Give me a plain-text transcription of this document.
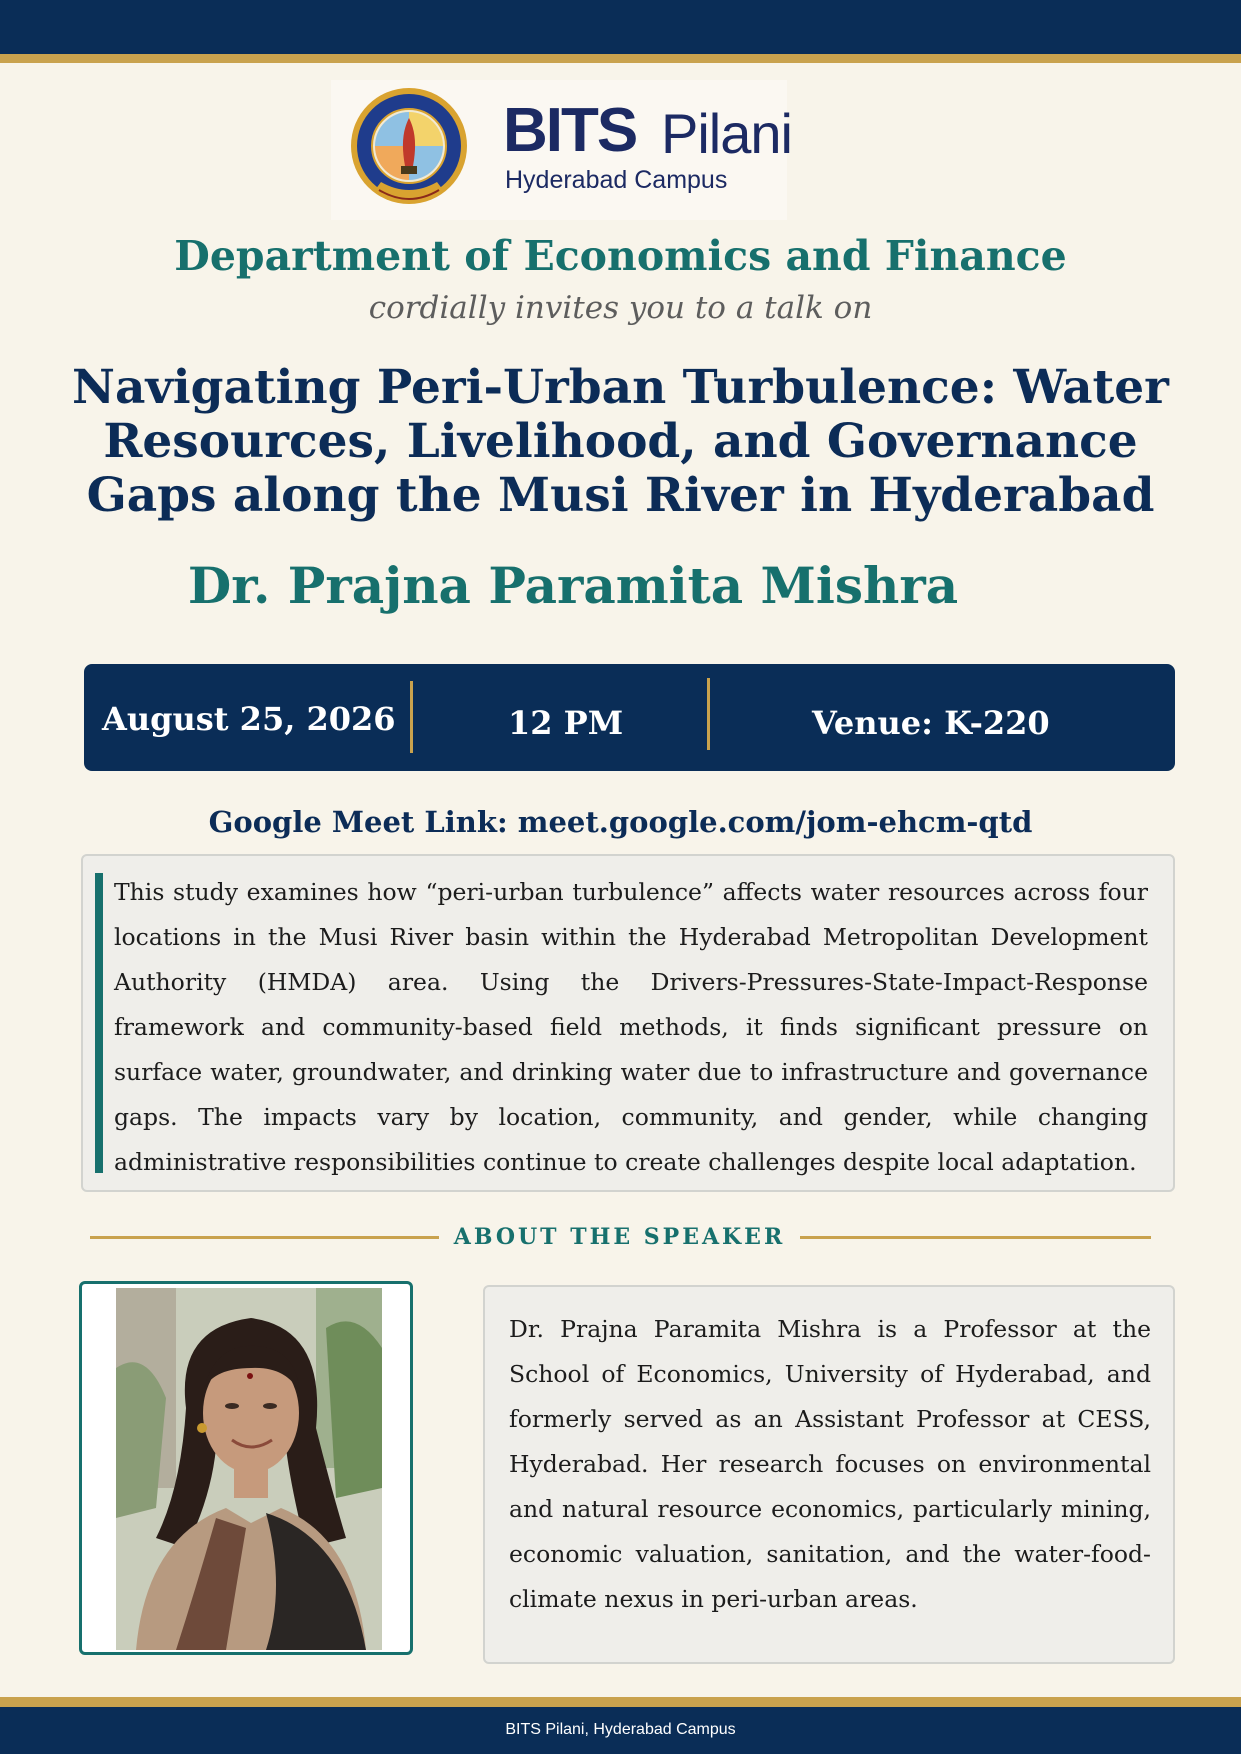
BITS Pilani
Hyderabad Campus
Department of Economics and Finance
cordially invites you to a talk on
Navigating Peri-Urban Turbulence: Water Resources, Livelihood, and Governance Gaps along the Musi River in Hyderabad
Dr. Prajna Paramita Mishra
August 25, 2026	12 PM	Venue: K-220
Google Meet Link: meet.google.com/jom-ehcm-qtd

This study examines how “peri-urban turbulence” affects water resources across four locations in the Musi River basin within the Hyderabad Metropolitan Development Authority (HMDA) area. Using the Drivers-Pressures-State-Impact-Response framework and community-based field methods, it finds significant pressure on surface water, groundwater, and drinking water due to infrastructure and governance gaps. The impacts vary by location, community, and gender, while changing administrative responsibilities continue to create challenges despite local adaptation.

ABOUT THE SPEAKER

Dr. Prajna Paramita Mishra is a Professor at the School of Economics, University of Hyderabad, and formerly served as an Assistant Professor at CESS, Hyderabad. Her research focuses on environmental and natural resource economics, particularly mining, economic valuation, sanitation, and the water-food-climate nexus in peri-urban areas.

BITS Pilani, Hyderabad Campus
